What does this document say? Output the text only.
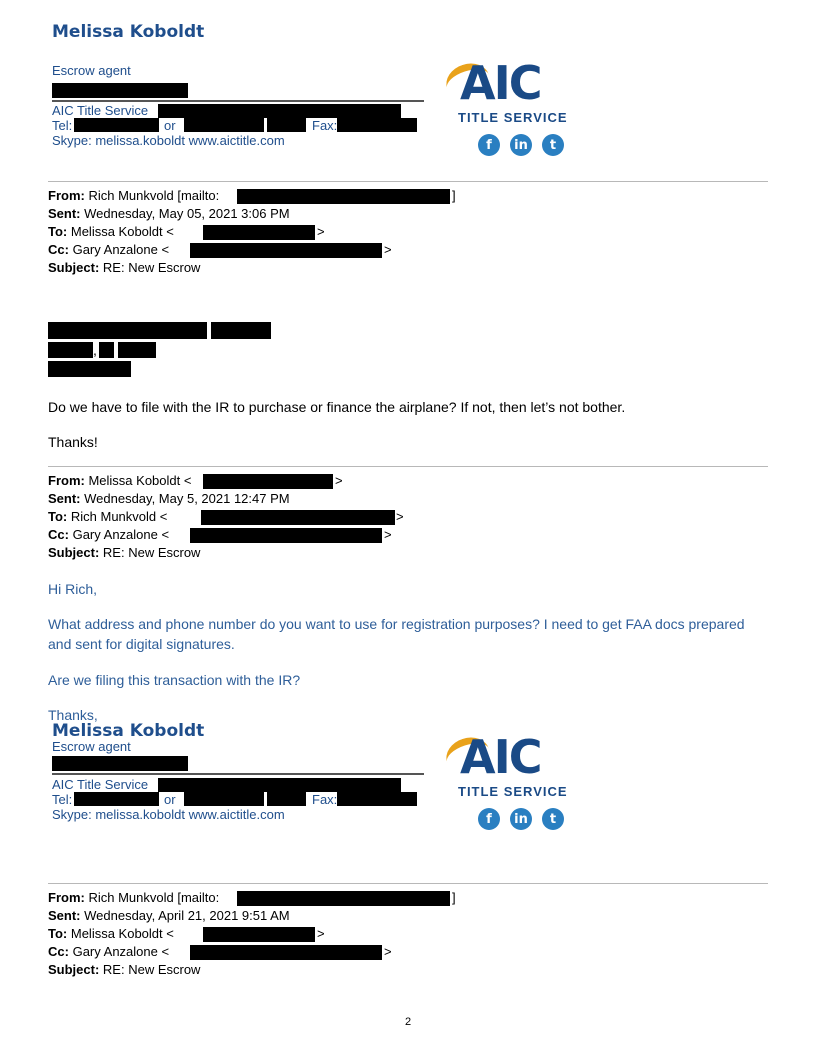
Melissa Koboldt
Escrow agent
AIC Title Service
Tel:	or	Fax:
Skype: melissa.koboldt www.aictitle.com
AIC
TITLE SERVICE
f	in	t
From: Rich Munkvold [mailto:	]
Sent: Wednesday, May 05, 2021 3:06 PM
To: Melissa Koboldt <	>
Cc: Gary Anzalone <	>
Subject: RE: New Escrow
,
Do we have to file with the IR to purchase or finance the airplane? If not, then let’s not bother.
Thanks!
From: Melissa Koboldt <	>
Sent: Wednesday, May 5, 2021 12:47 PM
To: Rich Munkvold <	>
Cc: Gary Anzalone <	>
Subject: RE: New Escrow
Hi Rich,
What address and phone number do you want to use for registration purposes? I need to get FAA docs prepared and sent for digital signatures.
Are we filing this transaction with the IR?
Thanks,
Melissa Koboldt
Escrow agent
AIC Title Service
Tel:	or	Fax:
Skype: melissa.koboldt www.aictitle.com
AIC
TITLE SERVICE
f	in	t
From: Rich Munkvold [mailto:	]
Sent: Wednesday, April 21, 2021 9:51 AM
To: Melissa Koboldt <	>
Cc: Gary Anzalone <	>
Subject: RE: New Escrow
2
